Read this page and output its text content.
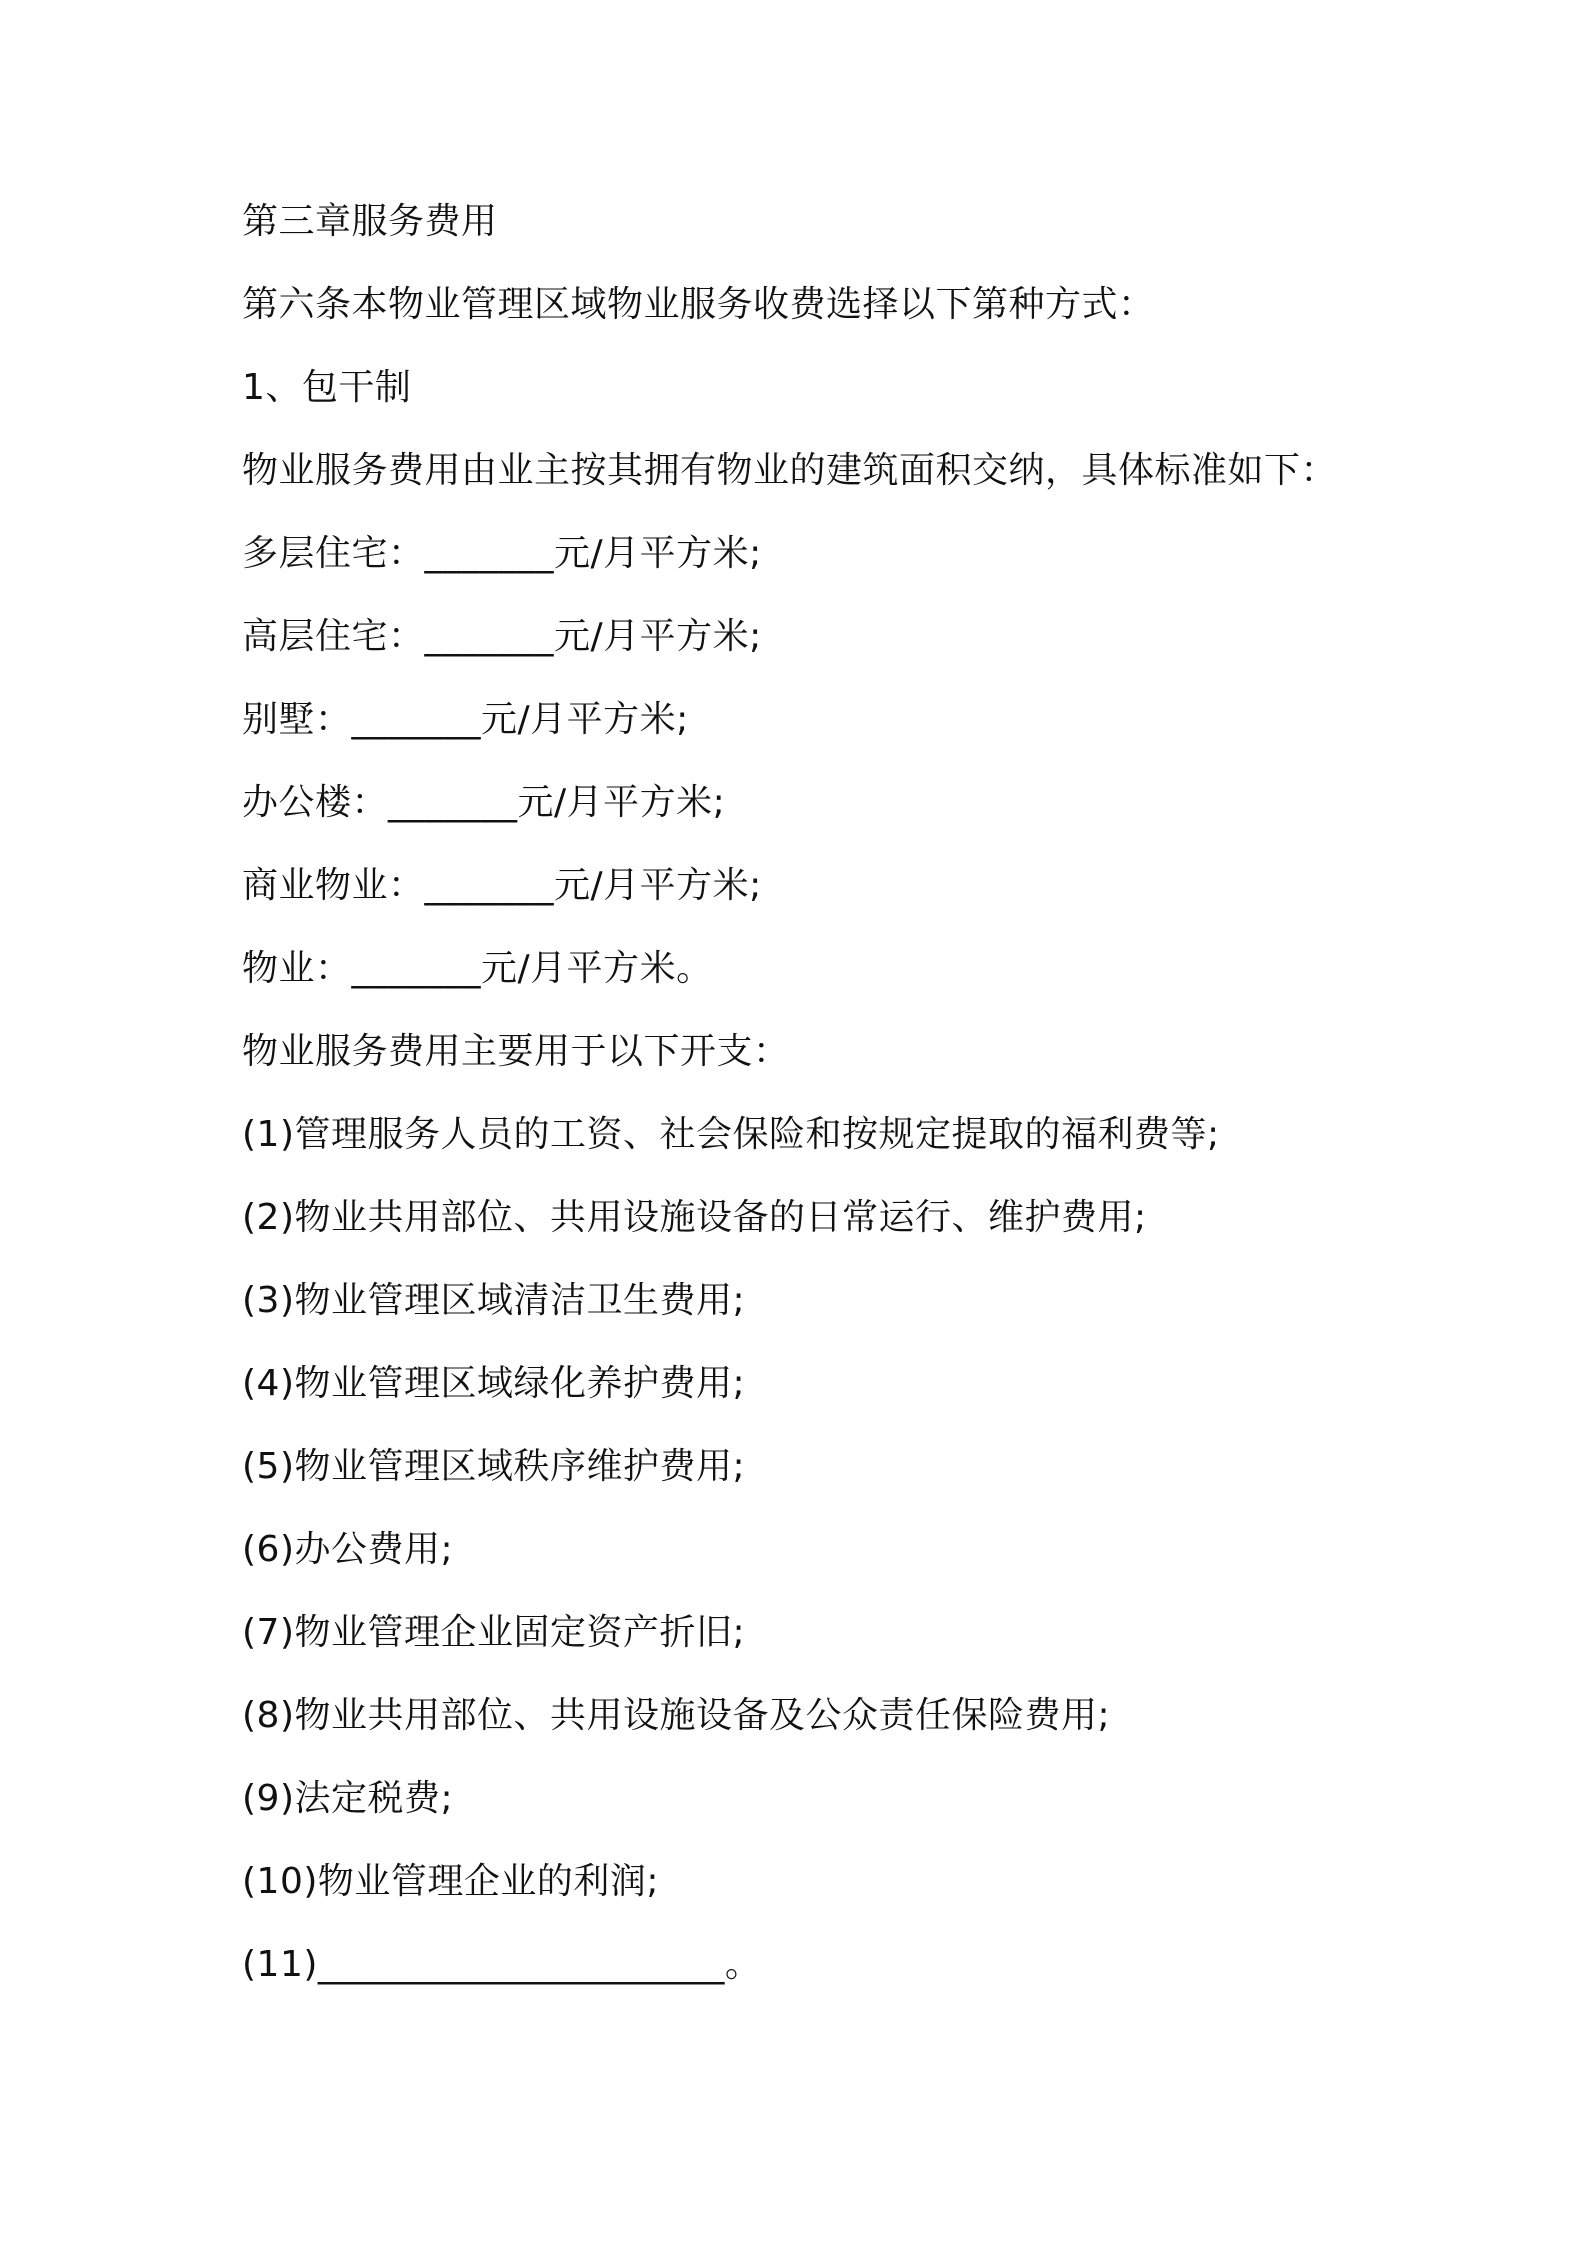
第三章服务费用
第六条本物业管理区域物业服务收费选择以下第种方式：
1、包干制
物业服务费用由业主按其拥有物业的建筑面积交纳，具体标准如下：
多层住宅：_______元/月平方米;
高层住宅：_______元/月平方米;
别墅：_______元/月平方米;
办公楼：_______元/月平方米;
商业物业：_______元/月平方米;
物业：_______元/月平方米。
物业服务费用主要用于以下开支：
(1)管理服务人员的工资、社会保险和按规定提取的福利费等;
(2)物业共用部位、共用设施设备的日常运行、维护费用;
(3)物业管理区域清洁卫生费用;
(4)物业管理区域绿化养护费用;
(5)物业管理区域秩序维护费用;
(6)办公费用;
(7)物业管理企业固定资产折旧;
(8)物业共用部位、共用设施设备及公众责任保险费用;
(9)法定税费;
(10)物业管理企业的利润;
(11)______________________。
